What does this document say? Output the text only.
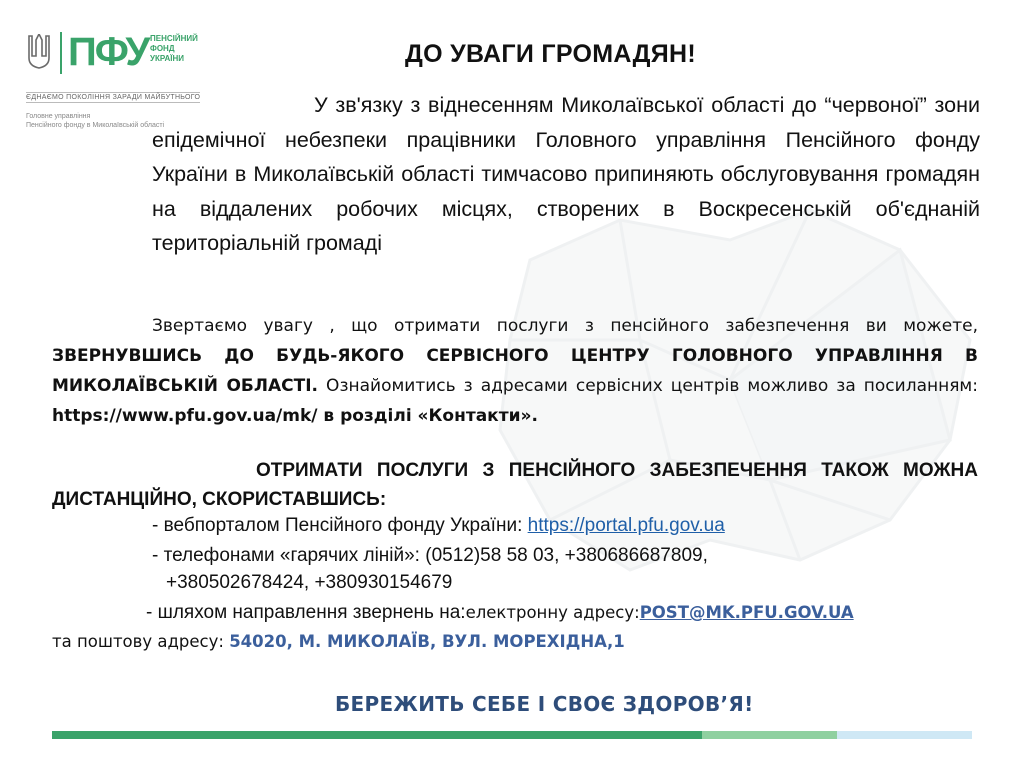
ПФУ ПЕНСІЙНИЙ
ФОНД
УКРАЇНИ
ЄДНАЄМО ПОКОЛІННЯ ЗАРАДИ МАЙБУТНЬОГО
Головне управління
Пенсійного фонду в Миколаївській області
ДО УВАГИ ГРОМАДЯН!
У зв'язку з віднесенням Миколаївської області до “червоної” зони епідемічної небезпеки працівники Головного управління Пенсійного фонду України в Миколаївській області тимчасово припиняють обслуговування громадян на віддалених робочих місцях, створених в Воскресенській об'єднаній територіальній громаді
Звертаємо увагу , що отримати послуги з пенсійного забезпечення ви можете, ЗВЕРНУВШИСЬ ДО БУДЬ-ЯКОГО СЕРВІСНОГО ЦЕНТРУ ГОЛОВНОГО УПРАВЛІННЯ В МИКОЛАЇВСЬКІЙ ОБЛАСТІ. Ознайомитись з адресами сервісних центрів можливо за посиланням: https://www.pfu.gov.ua/mk/ в розділі «Контакти».
ОТРИМАТИ ПОСЛУГИ З ПЕНСІЙНОГО ЗАБЕЗПЕЧЕННЯ ТАКОЖ МОЖНА ДИСТАНЦІЙНО, СКОРИСТАВШИСЬ:
- вебпорталом Пенсійного фонду України: https://portal.pfu.gov.ua
- телефонами «гарячих ліній»: (0512)58 58 03, +380686687809,
+380502678424, +380930154679
- шляхом направлення звернень на:електронну адресу:POST@MK.PFU.GOV.UA
та поштову адресу: 54020, М. МИКОЛАЇВ, ВУЛ. МОРЕХІДНА,1
БЕРЕЖИТЬ СЕБЕ І СВОЄ ЗДОРОВ’Я!
